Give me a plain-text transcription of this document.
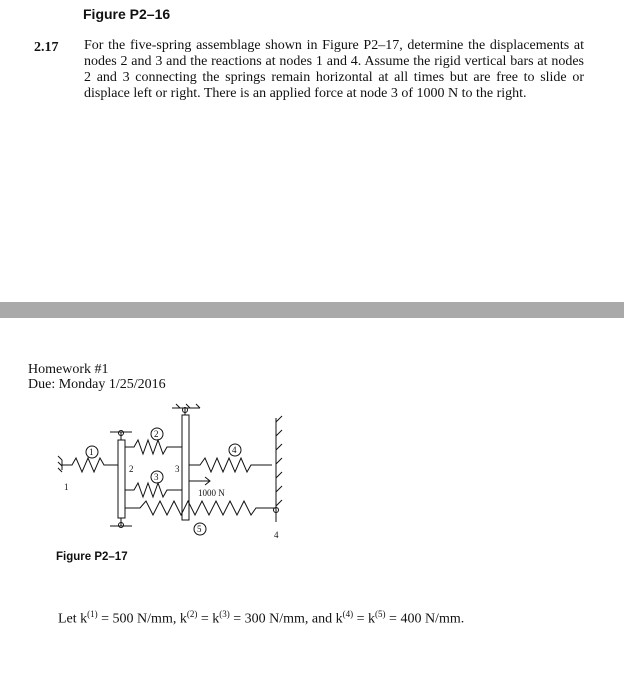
Figure P2–16
2.17 For the five-spring assemblage shown in Figure P2–17, determine the displacements at nodes 2 and 3 and the reactions at nodes 1 and 4. Assume the rigid vertical bars at nodes 2 and 3 connecting the springs remain horizontal at all times but are free to slide or displace left or right. There is an applied force at node 3 of 1000 N to the right.
Homework #1
Due: Monday 1/25/2016
1
2
3
4
5
1
2	3
4
1000 N
Figure P2–17
Let $k^{(1)} = 500$ N/mm, $k^{(2)} = k^{(3)} = 300$ N/mm, and $k^{(4)} = k^{(5)} = 400$ N/mm.
